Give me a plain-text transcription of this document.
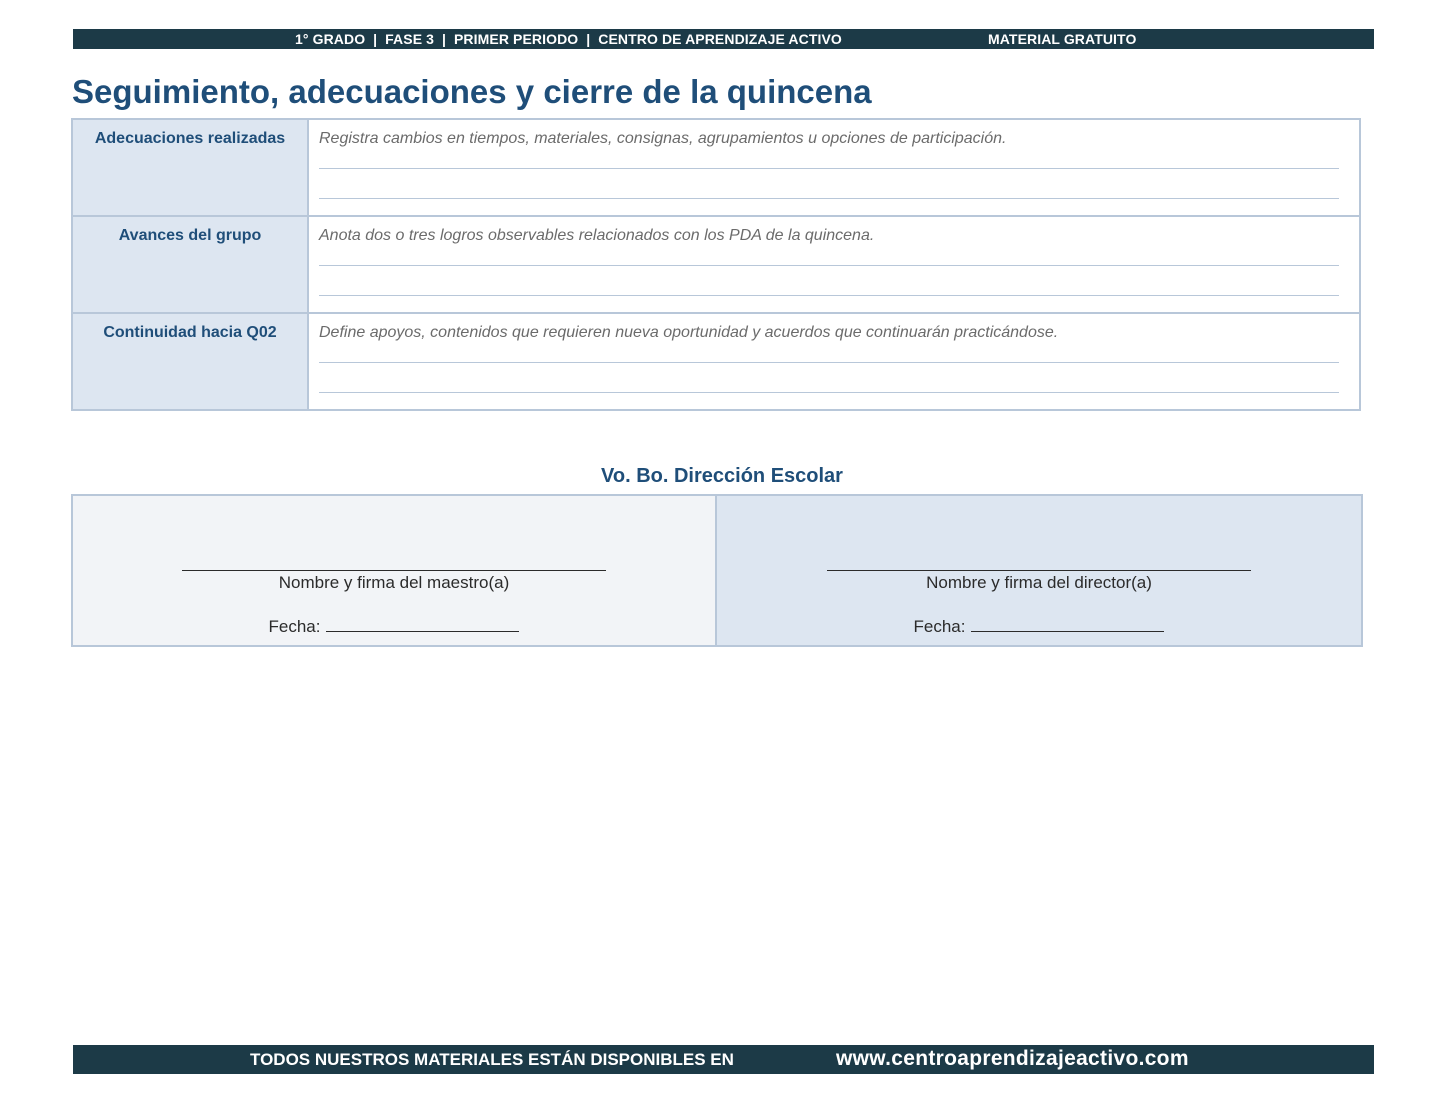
1° GRADO  |  FASE 3  |  PRIMER PERIODO  |  CENTRO DE APRENDIZAJE ACTIVO	MATERIAL GRATUITO
Seguimiento, adecuaciones y cierre de la quincena
Adecuaciones realizadas	Registra cambios en tiempos, materiales, consignas, agrupamientos u opciones de participación.

Avances del grupo	Anota dos o tres logros observables relacionados con los PDA de la quincena.

Continuidad hacia Q02	Define apoyos, contenidos que requieren nueva oportunidad y acuerdos que continuarán practicándose.
Vo. Bo. Dirección Escolar
Nombre y firma del maestro(a)
Fecha:
Nombre y firma del director(a)
Fecha:
TODOS NUESTROS MATERIALES ESTÁN DISPONIBLES EN	www.centroaprendizajeactivo.com
